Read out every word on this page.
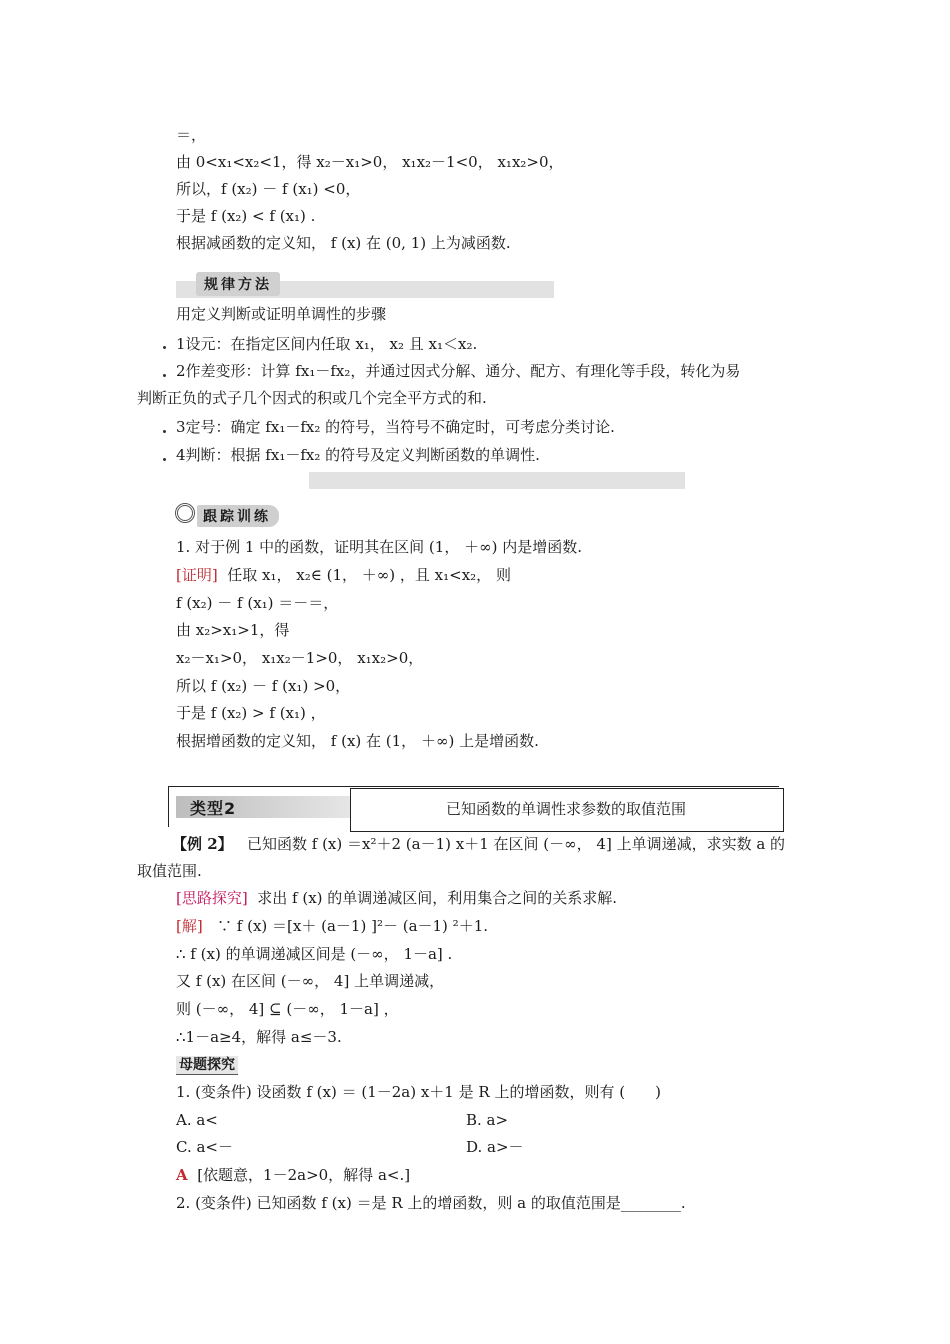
＝，
由 0<x₁<x₂<1，得 x₂－x₁>0， x₁x₂－1<0， x₁x₂>0，
所以，f (x₂) － f (x₁) <0，
于是 f (x₂) < f (x₁) .
根据减函数的定义知， f (x) 在 (0, 1) 上为减函数.
规律方法
用定义判断或证明单调性的步骤
1设元：在指定区间内任取 x₁， x₂ 且 x₁＜x₂.
2作差变形：计算 fx₁－fx₂，并通过因式分解、通分、配方、有理化等手段，转化为易
判断正负的式子几个因式的积或几个完全平方式的和.
3定号：确定 fx₁－fx₂ 的符号，当符号不确定时，可考虑分类讨论.
4判断：根据 fx₁－fx₂ 的符号及定义判断函数的单调性.
跟踪训练
1. 对于例 1 中的函数，证明其在区间 (1， ＋∞) 内是增函数.
[证明] 任取 x₁， x₂∈ (1， ＋∞) ，且 x₁<x₂， 则
f (x₂) － f (x₁) ＝－＝，
由 x₂>x₁>1，得
x₂－x₁>0， x₁x₂－1>0， x₁x₂>0，
所以 f (x₂) － f (x₁) >0，
于是 f (x₂) > f (x₁) ，
根据增函数的定义知， f (x) 在 (1， ＋∞) 上是增函数.
类型2	已知函数的单调性求参数的取值范围
【例 2】 已知函数 f (x) ＝x²＋2 (a－1) x＋1 在区间 (－∞， 4] 上单调递减，求实数 a 的
取值范围.
[思路探究] 求出 f (x) 的单调递减区间，利用集合之间的关系求解.
[解] ∵ f (x) ＝[x＋ (a－1) ]²－ (a－1) ²＋1.
∴ f (x) 的单调递减区间是 (－∞， 1－a] .
又 f (x) 在区间 (－∞， 4] 上单调递减，
则 (－∞， 4] ⊆ (－∞， 1－a] ，
∴1－a≥4，解得 a≤－3.
母题探究
1. (变条件) 设函数 f (x) ＝ (1－2a) x＋1 是 R 上的增函数，则有 (　　)
A. a<	B. a>
C. a<－	D. a>－
A [依题意，1－2a>0，解得 a<.]
2. (变条件) 已知函数 f (x) ＝是 R 上的增函数，则 a 的取值范围是________.
